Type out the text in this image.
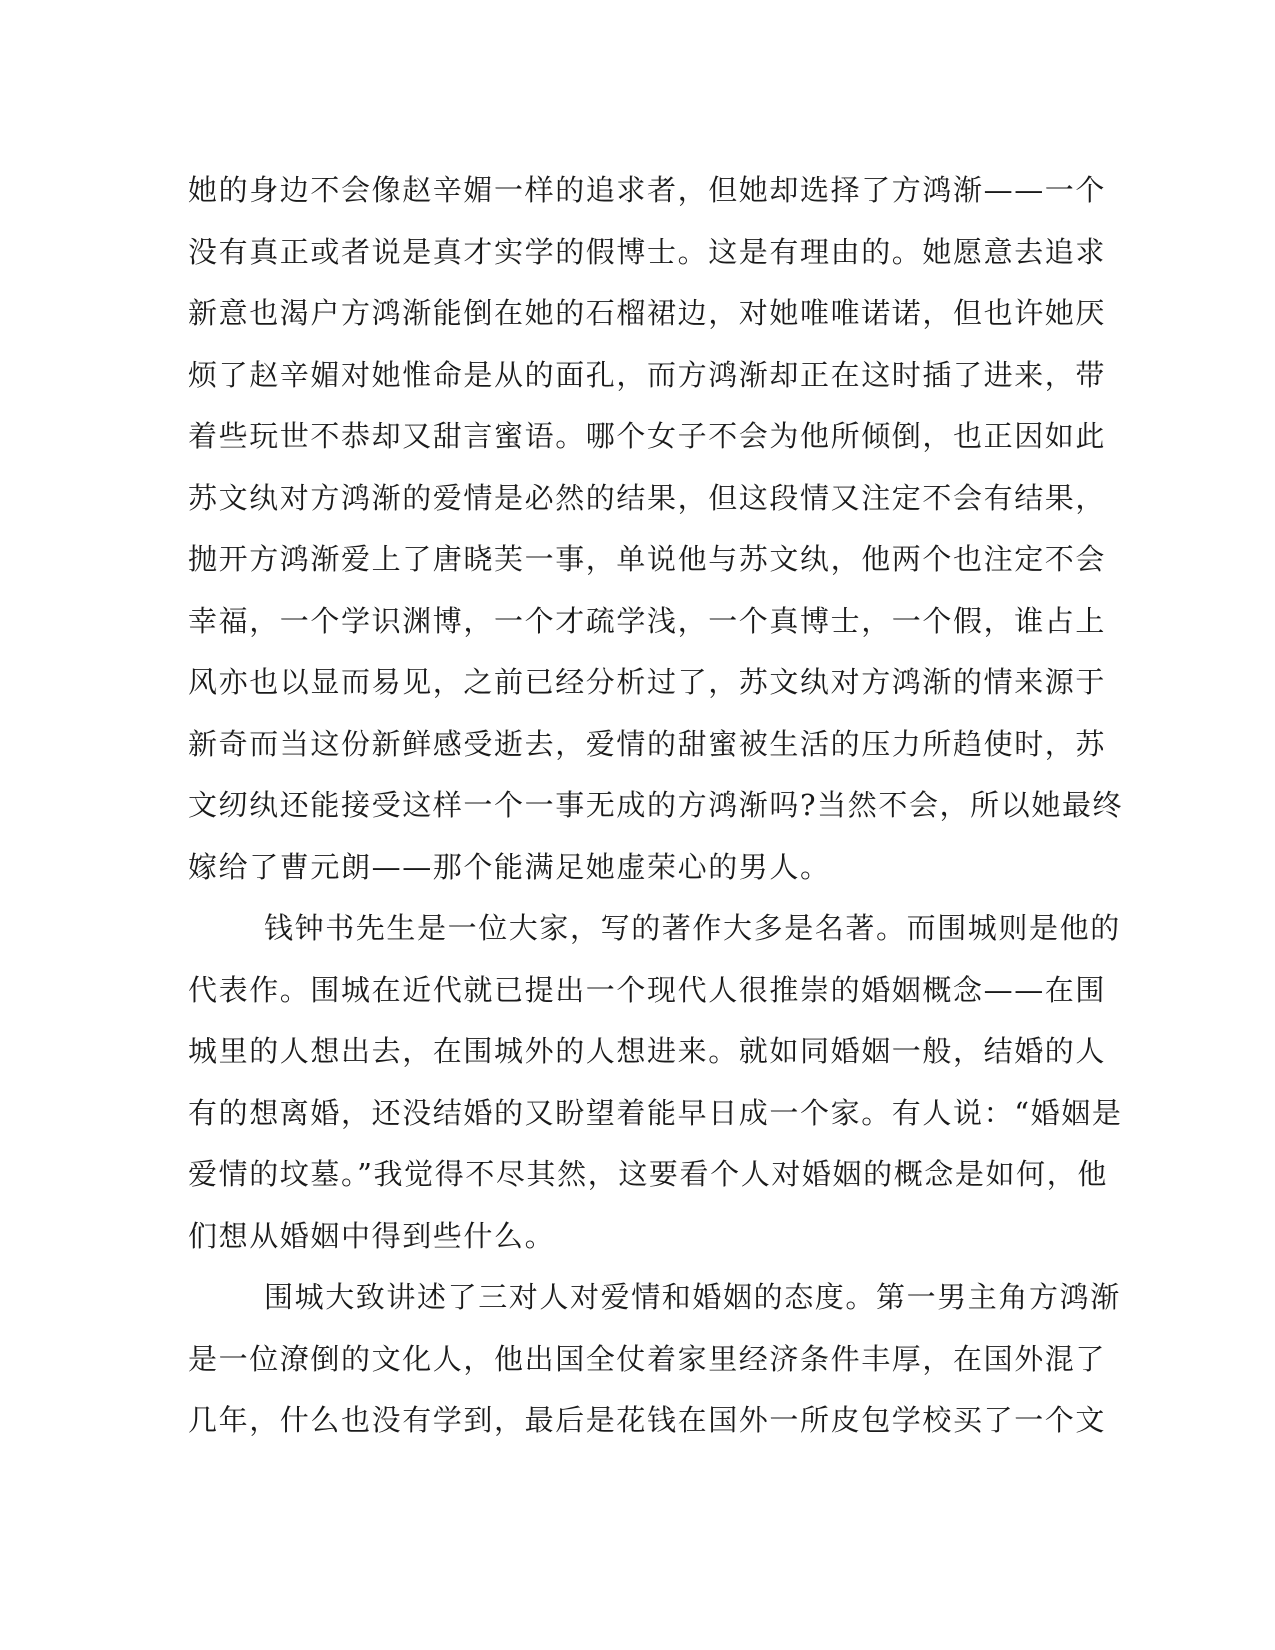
她的身边不会像赵辛媚一样的追求者，但她却选择了方鸿渐——一个
没有真正或者说是真才实学的假博士。这是有理由的。她愿意去追求
新意也渴户方鸿渐能倒在她的石榴裙边，对她唯唯诺诺，但也许她厌
烦了赵辛媚对她惟命是从的面孔，而方鸿渐却正在这时插了进来，带
着些玩世不恭却又甜言蜜语。哪个女子不会为他所倾倒，也正因如此
苏文纨对方鸿渐的爱情是必然的结果，但这段情又注定不会有结果，
抛开方鸿渐爱上了唐晓芙一事，单说他与苏文纨，他两个也注定不会
幸福，一个学识渊博，一个才疏学浅，一个真博士，一个假，谁占上
风亦也以显而易见，之前已经分析过了，苏文纨对方鸿渐的情来源于
新奇而当这份新鲜感受逝去，爱情的甜蜜被生活的压力所趋使时，苏
文纫纨还能接受这样一个一事无成的方鸿渐吗?当然不会，所以她最终
嫁给了曹元朗——那个能满足她虚荣心的男人。
钱钟书先生是一位大家，写的著作大多是名著。而围城则是他的
代表作。围城在近代就已提出一个现代人很推崇的婚姻概念——在围
城里的人想出去，在围城外的人想进来。就如同婚姻一般，结婚的人
有的想离婚，还没结婚的又盼望着能早日成一个家。有人说：“婚姻是
爱情的坟墓。”我觉得不尽其然，这要看个人对婚姻的概念是如何，他
们想从婚姻中得到些什么。
围城大致讲述了三对人对爱情和婚姻的态度。第一男主角方鸿渐
是一位潦倒的文化人，他出国全仗着家里经济条件丰厚，在国外混了
几年，什么也没有学到，最后是花钱在国外一所皮包学校买了一个文
